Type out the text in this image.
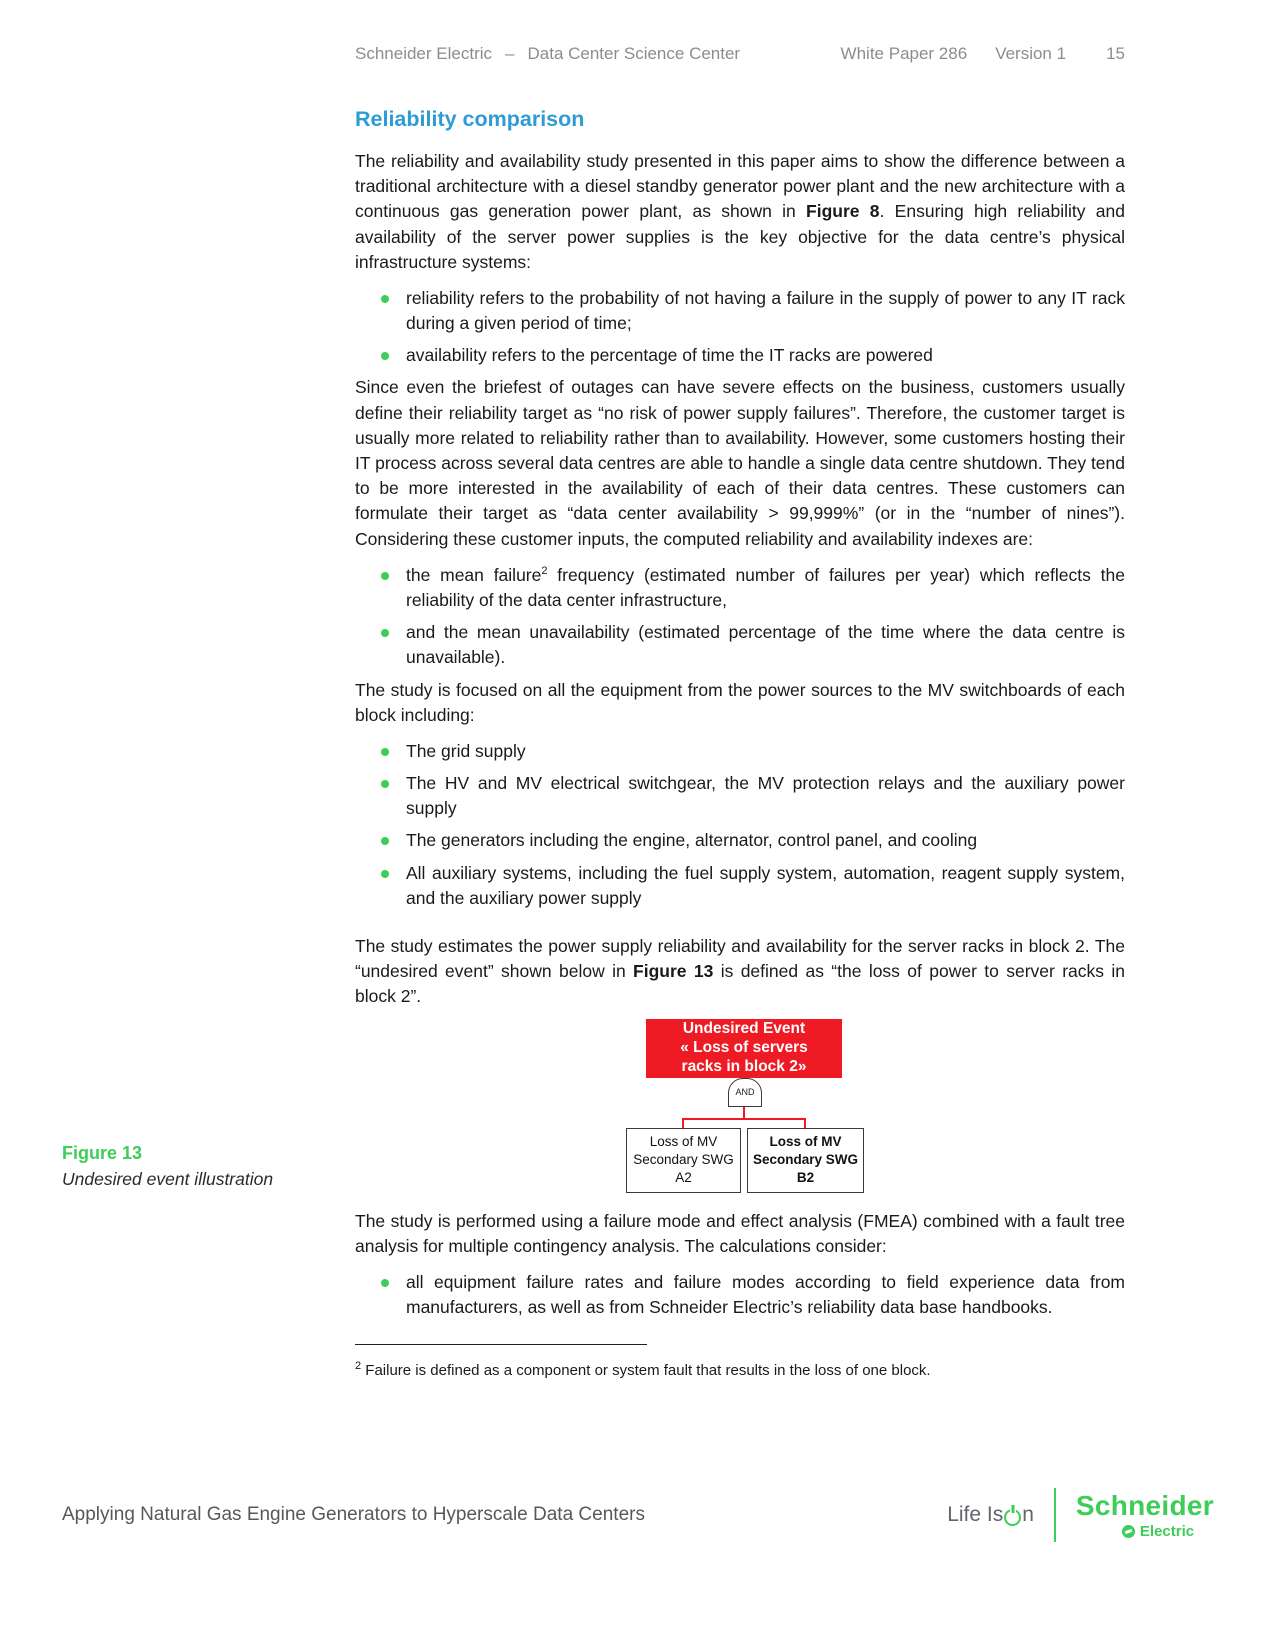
Schneider Electric – Data Center Science Center	White Paper 286 Version 1 15
Reliability comparison

The reliability and availability study presented in this paper aims to show the difference between a traditional architecture with a diesel standby generator power plant and the new architecture with a continuous gas generation power plant, as shown in Figure 8. Ensuring high reliability and availability of the server power supplies is the key objective for the data centre’s physical infrastructure systems:

reliability refers to the probability of not having a failure in the supply of power to any IT rack during a given period of time;
availability refers to the percentage of time the IT racks are powered

Since even the briefest of outages can have severe effects on the business, customers usually define their reliability target as “no risk of power supply failures”. Therefore, the customer target is usually more related to reliability rather than to availability. However, some customers hosting their IT process across several data centres are able to handle a single data centre shutdown. They tend to be more interested in the availability of each of their data centres. These customers can formulate their target as “data center availability > 99,999%” (or in the “number of nines”). Considering these customer inputs, the computed reliability and availability indexes are:

the mean failure$^2$ frequency (estimated number of failures per year) which reflects the reliability of the data center infrastructure,
and the mean unavailability (estimated percentage of the time where the data centre is unavailable).

The study is focused on all the equipment from the power sources to the MV switchboards of each block including:

The grid supply
The HV and MV electrical switchgear, the MV protection relays and the auxiliary power supply
The generators including the engine, alternator, control panel, and cooling
All auxiliary systems, including the fuel supply system, automation, reagent supply system, and the auxiliary power supply

The study estimates the power supply reliability and availability for the server racks in block 2. The “undesired event” shown below in Figure 13 is defined as “the loss of power to server racks in block 2”.

Undesired Event
« Loss of servers
racks in block 2»
AND
Loss of MV
Secondary SWG
A2
Loss of MV
Secondary SWG
B2

The study is performed using a failure mode and effect analysis (FMEA) combined with a fault tree analysis for multiple contingency analysis. The calculations consider:

all equipment failure rates and failure modes according to field experience data from manufacturers, as well as from Schneider Electric’s reliability data base handbooks.

$^2$ Failure is defined as a component or system fault that results in the loss of one block.

Figure 13
Undesired event illustration
Applying Natural Gas Engine Generators to Hyperscale Data Centers	Life Is n Schneider
Electric
